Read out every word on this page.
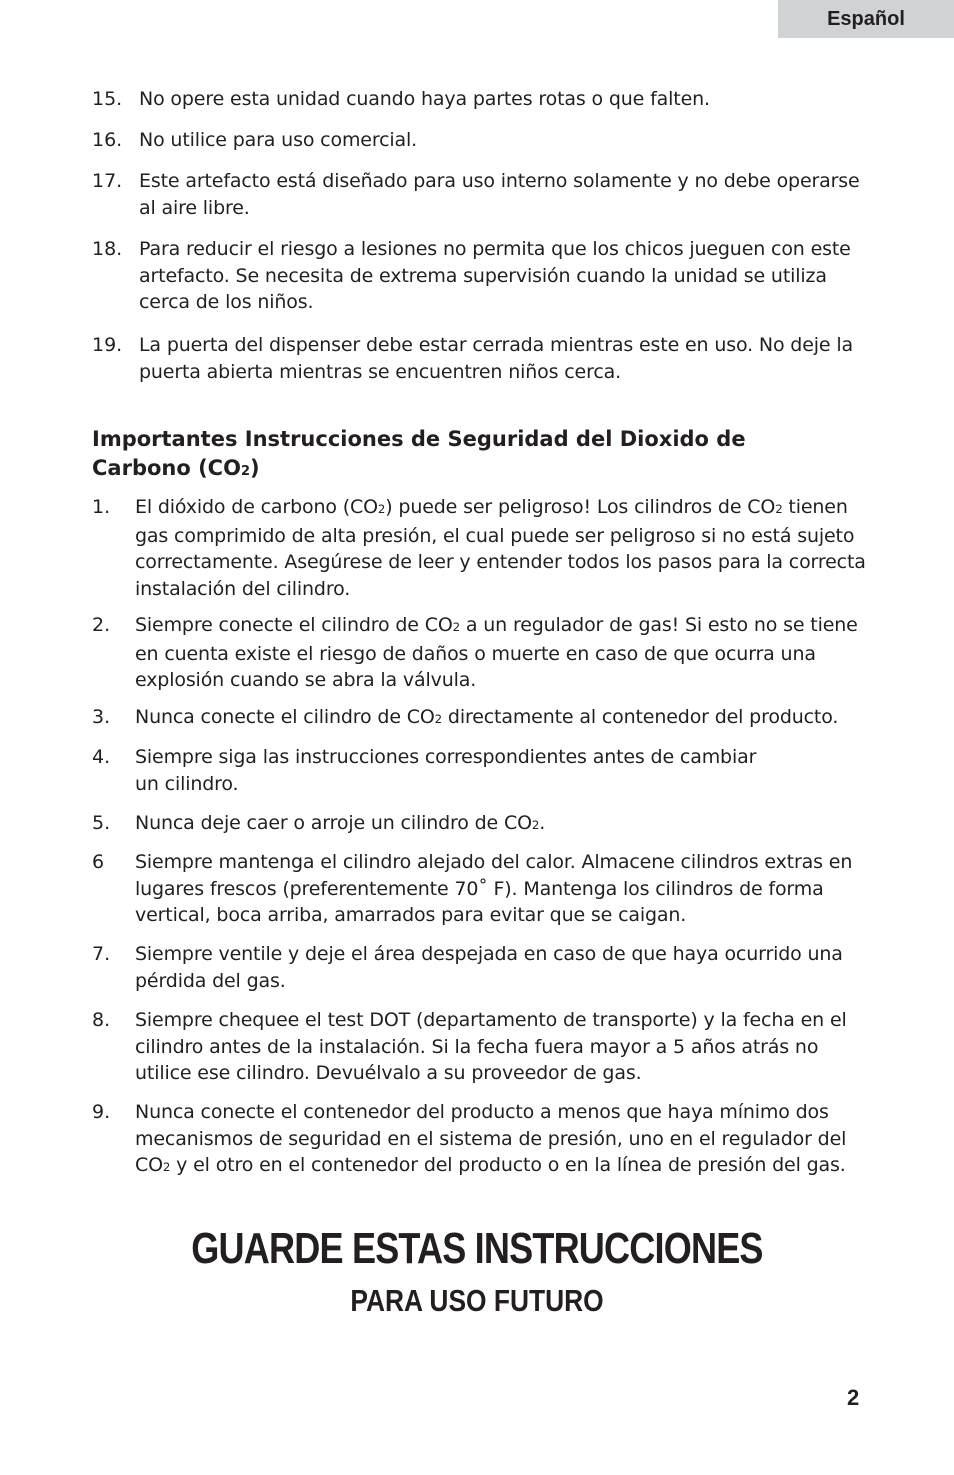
Español
15. No opere esta unidad cuando haya partes rotas o que falten.
16. No utilice para uso comercial.
17. Este artefacto está diseñado para uso interno solamente y no debe operarse al aire libre.
18. Para reducir el riesgo a lesiones no permita que los chicos jueguen con este artefacto. Se necesita de extrema supervisión cuando la unidad se utiliza cerca de los niños.
19. La puerta del dispenser debe estar cerrada mientras este en uso. No deje la puerta abierta mientras se encuentren niños cerca.
Importantes Instrucciones de Seguridad del Dioxido de Carbono (CO2)
1. El dióxido de carbono (CO2) puede ser peligroso! Los cilindros de CO2 tienen gas comprimido de alta presión, el cual puede ser peligroso si no está sujeto correctamente. Asegúrese de leer y entender todos los pasos para la correcta instalación del cilindro.
2. Siempre conecte el cilindro de CO2 a un regulador de gas! Si esto no se tiene en cuenta existe el riesgo de daños o muerte en caso de que ocurra una explosión cuando se abra la válvula.
3. Nunca conecte el cilindro de CO2 directamente al contenedor del producto.
4. Siempre siga las instrucciones correspondientes antes de cambiar un cilindro.
5. Nunca deje caer o arroje un cilindro de CO2.
6 Siempre mantenga el cilindro alejado del calor. Almacene cilindros extras en lugares frescos (preferentemente 70˚ F). Mantenga los cilindros de forma vertical, boca arriba, amarrados para evitar que se caigan.
7. Siempre ventile y deje el área despejada en caso de que haya ocurrido una pérdida del gas.
8. Siempre chequee el test DOT (departamento de transporte) y la fecha en el cilindro antes de la instalación. Si la fecha fuera mayor a 5 años atrás no utilice ese cilindro. Devuélvalo a su proveedor de gas.
9. Nunca conecte el contenedor del producto a menos que haya mínimo dos mecanismos de seguridad en el sistema de presión, uno en el regulador del CO2 y el otro en el contenedor del producto o en la línea de presión del gas.
GUARDE ESTAS INSTRUCCIONES
PARA USO FUTURO
2
